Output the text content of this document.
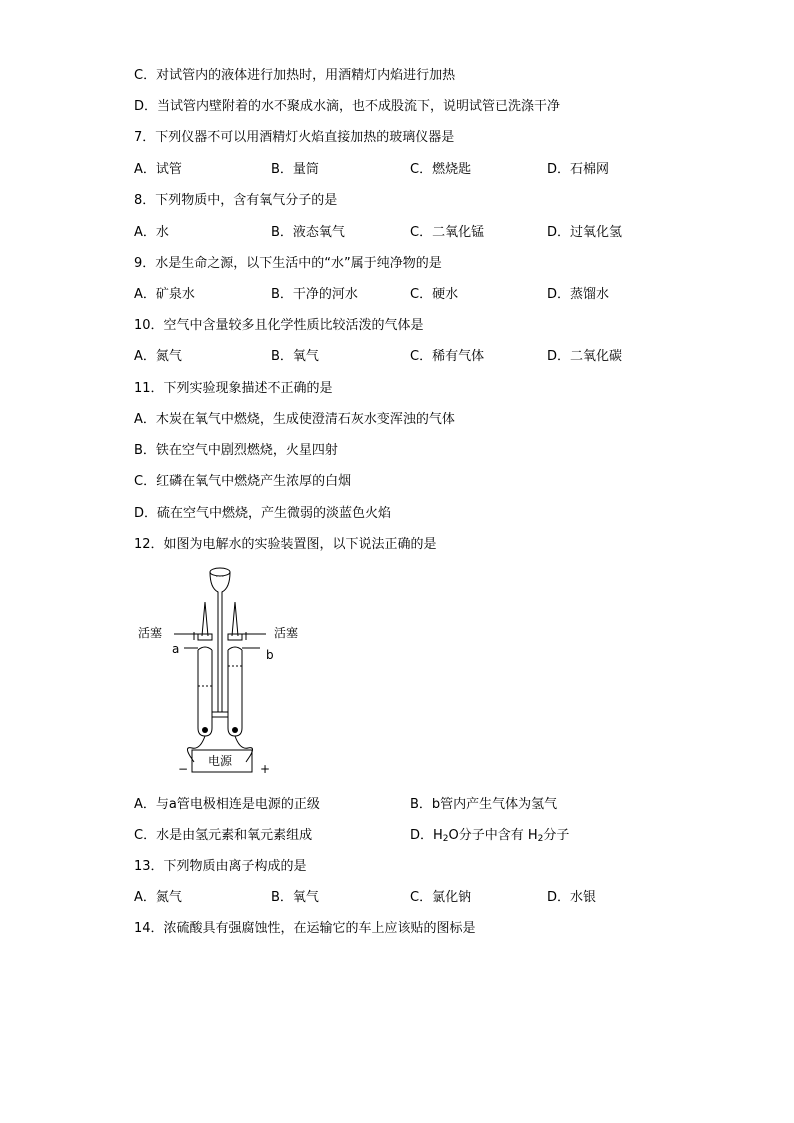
C．对试管内的液体进行加热时，用酒精灯内焰进行加热
D．当试管内壁附着的水不聚成水滴，也不成股流下，说明试管已洗涤干净
7．下列仪器不可以用酒精灯火焰直接加热的玻璃仪器是
A．试管	B．量筒	C．燃烧匙	D．石棉网
8．下列物质中，含有氧气分子的是
A．水	B．液态氧气	C．二氧化锰	D．过氧化氢
9．水是生命之源，以下生活中的“水”属于纯净物的是
A．矿泉水	B．干净的河水	C．硬水	D．蒸馏水
10．空气中含量较多且化学性质比较活泼的气体是
A．氮气	B．氧气	C．稀有气体	D．二氧化碳
11．下列实验现象描述不正确的是
A．木炭在氧气中燃烧，生成使澄清石灰水变浑浊的气体
B．铁在空气中剧烈燃烧，火星四射
C．红磷在氧气中燃烧产生浓厚的白烟
D．硫在空气中燃烧，产生微弱的淡蓝色火焰
12．如图为电解水的实验装置图，以下说法正确的是
活塞	活塞
a	b
电源
−	+
A．与a管电极相连是电源的正级	B．b管内产生气体为氢气
C．水是由氢元素和氧元素组成	D．$H_2O$分子中含有 $H_2$分子
13．下列物质由离子构成的是
A．氮气	B．氧气	C．氯化钠	D．水银
14．浓硫酸具有强腐蚀性，在运输它的车上应该贴的图标是
